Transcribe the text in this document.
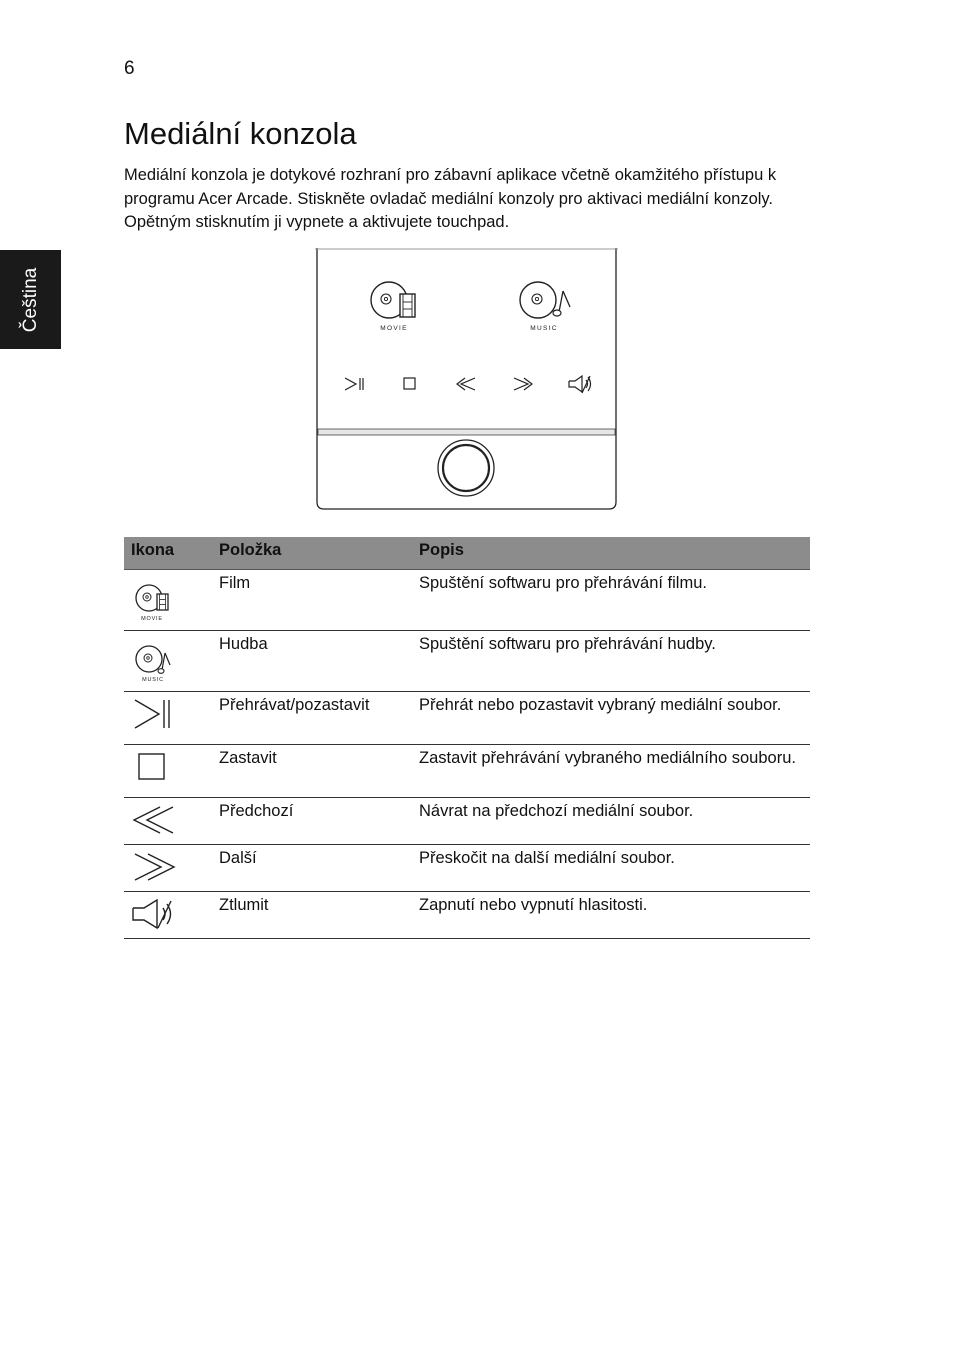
6
Čeština
Mediální konzola

Mediální konzola je dotykové rozhraní pro zábavní aplikace včetně okamžitého přístupu k programu Acer Arcade. Stiskněte ovladač mediální konzoly pro aktivaci mediální konzoly. Opětným stisknutím ji vypnete a aktivujete touchpad.

MOVIE	MUSIC
Ikona	Položka	Popis

MOVIE	Film	Spuštění softwaru pro přehrávání filmu.

MUSIC	Hudba	Spuštění softwaru pro přehrávání hudby.

	Přehrávat/pozastavit	Přehrát nebo pozastavit vybraný mediální soubor.

	Zastavit	Zastavit přehrávání vybraného mediálního souboru.

	Předchozí	Návrat na předchozí mediální soubor.

	Další	Přeskočit na další mediální soubor.

	Ztlumit	Zapnutí nebo vypnutí hlasitosti.
